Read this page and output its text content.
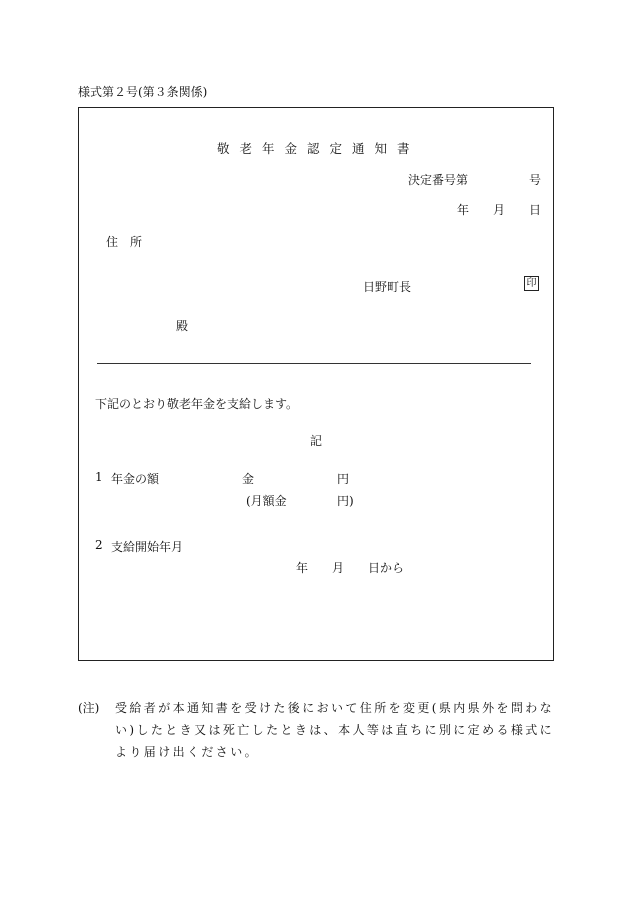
様式第２号(第３条関係)
敬老年金認定通知書
決定番号第	号
年 月 日
住　所
日野町長	印
殿
下記のとおり敬老年金を支給します。
記
1 年金の額	金	円
(月額金	円)
2 支給開始年月
年 月 日から
(注) 受給者が本通知書を受けた後において住所を変更(県内県外を問わない)したとき又は死亡したときは、本人等は直ちに別に定める様式により届け出ください。
